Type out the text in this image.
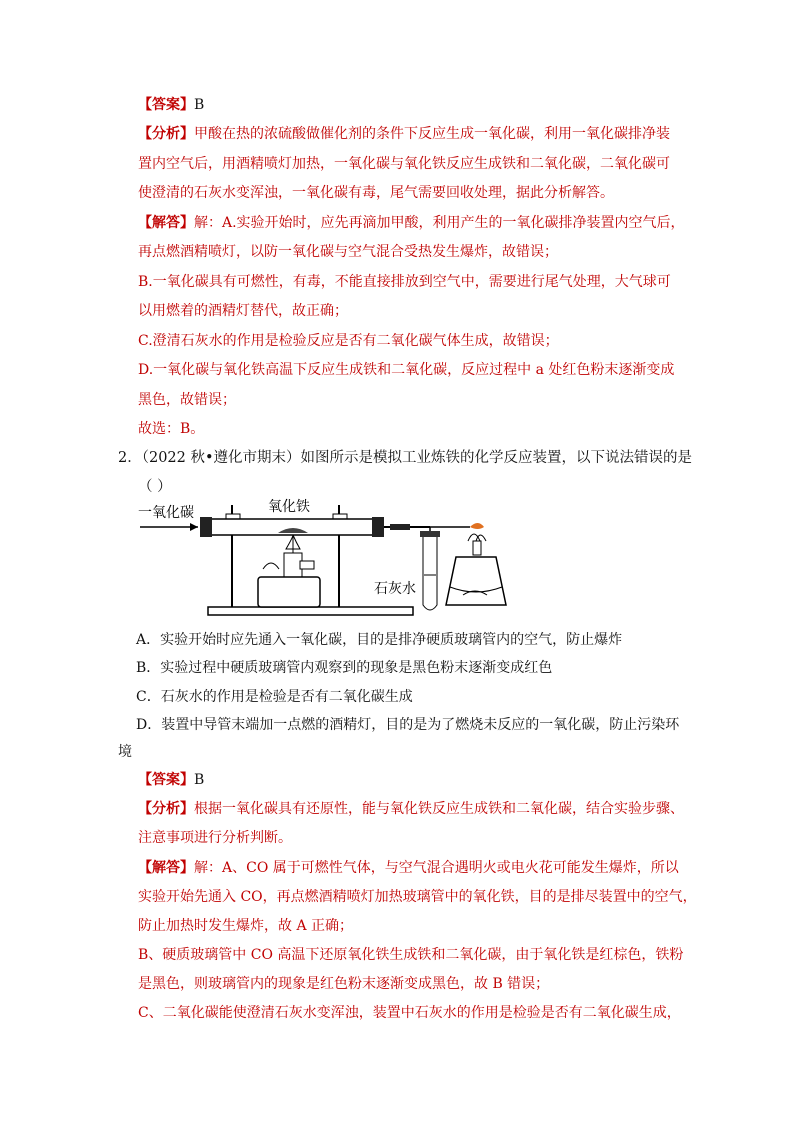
【答案】B
【分析】甲酸在热的浓硫酸做催化剂的条件下反应生成一氧化碳，利用一氧化碳排净装
置内空气后，用酒精喷灯加热，一氧化碳与氧化铁反应生成铁和二氧化碳，二氧化碳可
使澄清的石灰水变浑浊，一氧化碳有毒，尾气需要回收处理，据此分析解答。
【解答】解：A.实验开始时，应先再滴加甲酸，利用产生的一氧化碳排净装置内空气后，
再点燃酒精喷灯，以防一氧化碳与空气混合受热发生爆炸，故错误；
B.一氧化碳具有可燃性，有毒，不能直接排放到空气中，需要进行尾气处理，大气球可
以用燃着的酒精灯替代，故正确；
C.澄清石灰水的作用是检验反应是否有二氧化碳气体生成，故错误；
D.一氧化碳与氧化铁高温下反应生成铁和二氧化碳，反应过程中 a 处红色粉末逐渐变成
黑色，故错误；
故选：B。
2．（2022 秋•遵化市期末）如图所示是模拟工业炼铁的化学反应装置，以下说法错误的是
（ ）
一氧化碳	氧化铁
石灰水
A．实验开始时应先通入一氧化碳，目的是排净硬质玻璃管内的空气，防止爆炸
B．实验过程中硬质玻璃管内观察到的现象是黑色粉末逐渐变成红色
C．石灰水的作用是检验是否有二氧化碳生成
D．装置中导管末端加一点燃的酒精灯，目的是为了燃烧未反应的一氧化碳，防止污染环
境
【答案】B
【分析】根据一氧化碳具有还原性，能与氧化铁反应生成铁和二氧化碳，结合实验步骤、
注意事项进行分析判断。
【解答】解：A、CO 属于可燃性气体，与空气混合遇明火或电火花可能发生爆炸，所以
实验开始先通入 CO，再点燃酒精喷灯加热玻璃管中的氧化铁，目的是排尽装置中的空气，
防止加热时发生爆炸，故 A 正确；
B、硬质玻璃管中 CO 高温下还原氧化铁生成铁和二氧化碳，由于氧化铁是红棕色，铁粉
是黑色，则玻璃管内的现象是红色粉末逐渐变成黑色，故 B 错误；
C、二氧化碳能使澄清石灰水变浑浊，装置中石灰水的作用是检验是否有二氧化碳生成，
